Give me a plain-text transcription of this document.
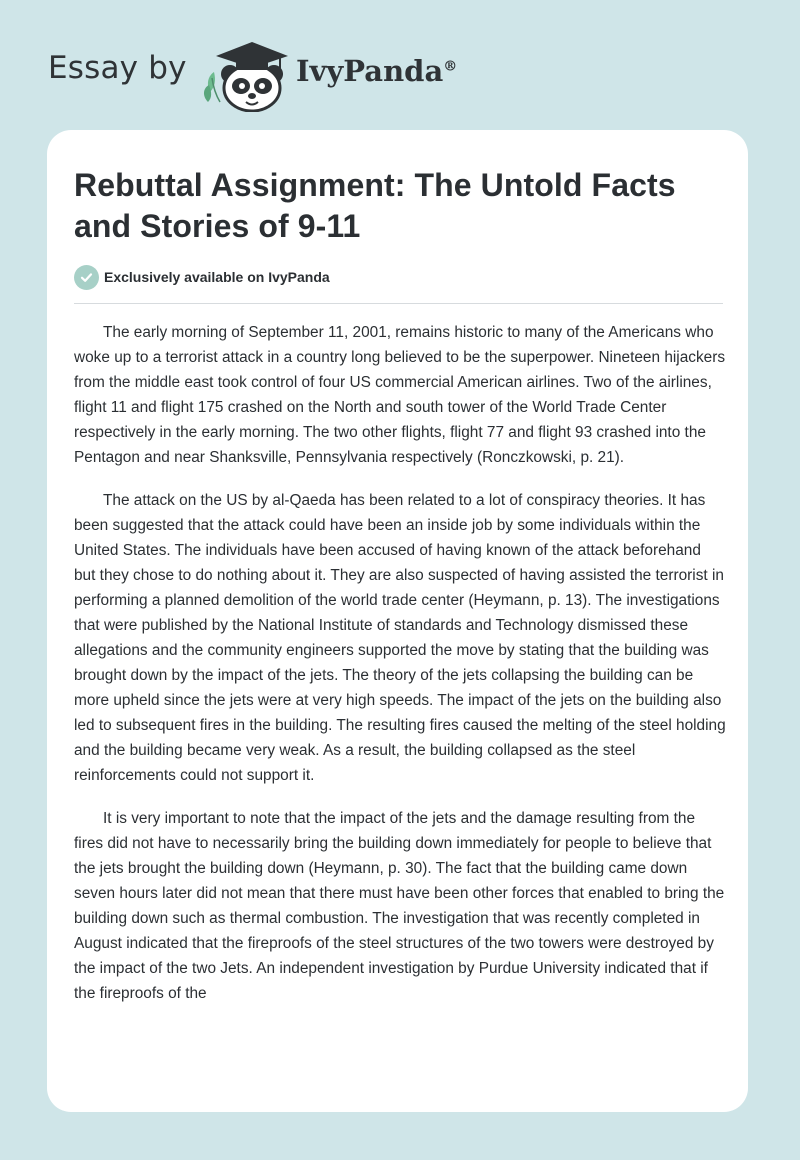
Essay by	IvyPanda®
Rebuttal Assignment: The Untold Facts and Stories of 9-11
Exclusively available on IvyPanda

The early morning of September 11, 2001, remains historic to many of the Americans who woke up to a terrorist attack in a country long believed to be the superpower. Nineteen hijackers from the middle east took control of four US commercial American airlines. Two of the airlines, flight 11 and flight 175 crashed on the North and south tower of the World Trade Center respectively in the early morning. The two other flights, flight 77 and flight 93 crashed into the Pentagon and near Shanksville, Pennsylvania respectively (Ronczkowski, p. 21).

The attack on the US by al-Qaeda has been related to a lot of conspiracy theories. It has been suggested that the attack could have been an inside job by some individuals within the United States. The individuals have been accused of having known of the attack beforehand but they chose to do nothing about it. They are also suspected of having assisted the terrorist in performing a planned demolition of the world trade center (Heymann, p. 13). The investigations that were published by the National Institute of standards and Technology dismissed these allegations and the community engineers supported the move by stating that the building was brought down by the impact of the jets. The theory of the jets collapsing the building can be more upheld since the jets were at very high speeds. The impact of the jets on the building also led to subsequent fires in the building. The resulting fires caused the melting of the steel holding and the building became very weak. As a result, the building collapsed as the steel reinforcements could not support it.

It is very important to note that the impact of the jets and the damage resulting from the fires did not have to necessarily bring the building down immediately for people to believe that the jets brought the building down (Heymann, p. 30). The fact that the building came down seven hours later did not mean that there must have been other forces that enabled to bring the building down such as thermal combustion. The investigation that was recently completed in August indicated that the fireproofs of the steel structures of the two towers were destroyed by the impact of the two Jets. An independent investigation by Purdue University indicated that if the fireproofs of the
